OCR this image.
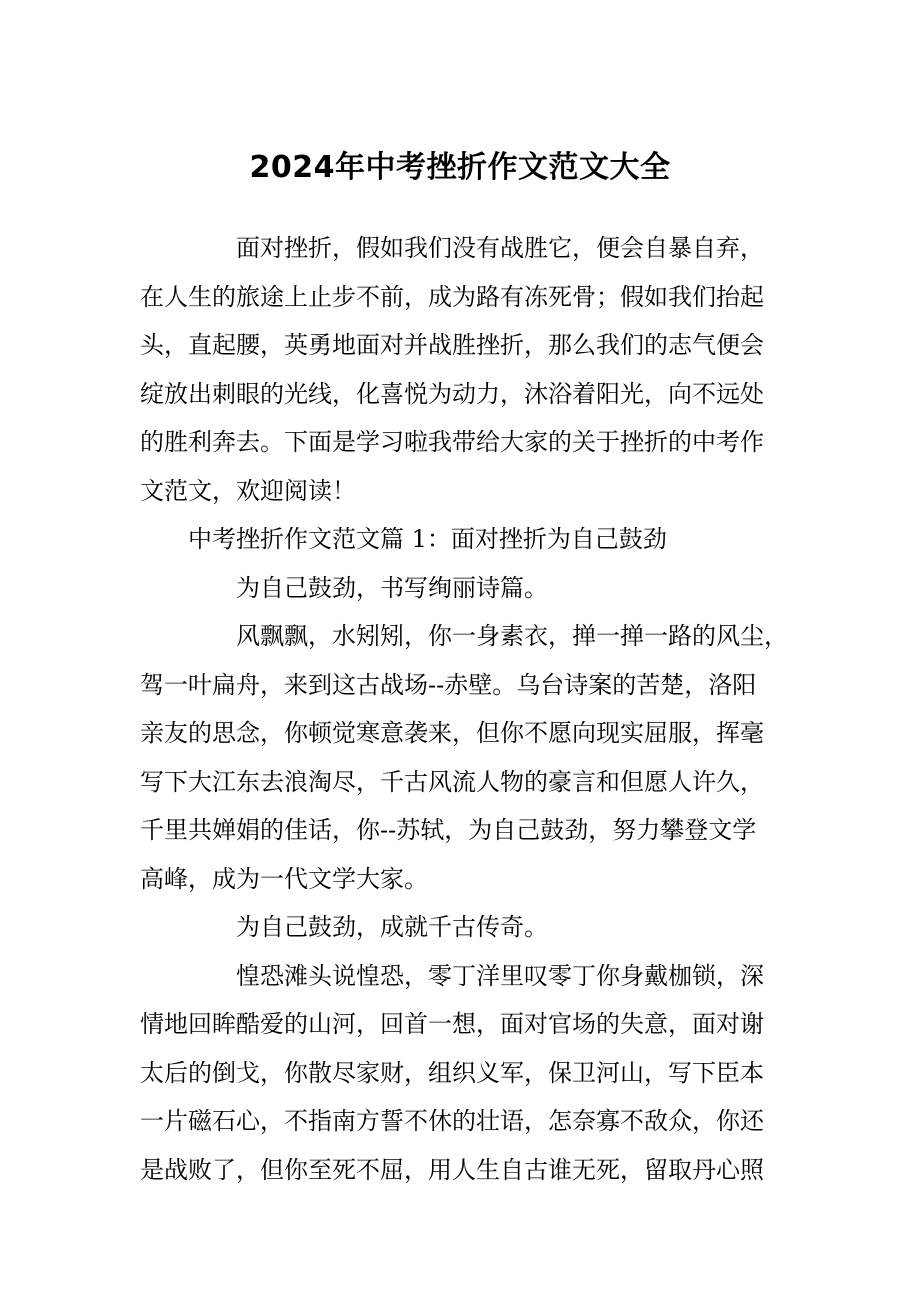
2024年中考挫折作文范文大全
面对挫折，假如我们没有战胜它，便会自暴自弃，
在人生的旅途上止步不前，成为路有冻死骨；假如我们抬起
头，直起腰，英勇地面对并战胜挫折，那么我们的志气便会
绽放出刺眼的光线，化喜悦为动力，沐浴着阳光，向不远处
的胜利奔去。下面是学习啦我带给大家的关于挫折的中考作
文范文，欢迎阅读！
中考挫折作文范文篇 1：面对挫折为自己鼓劲
为自己鼓劲，书写绚丽诗篇。
风飘飘，水矧矧，你一身素衣，掸一掸一路的风尘，
驾一叶扁舟，来到这古战场--赤壁。乌台诗案的苦楚，洛阳
亲友的思念，你顿觉寒意袭来，但你不愿向现实屈服，挥毫
写下大江东去浪淘尽，千古风流人物的豪言和但愿人许久，
千里共婵娟的佳话，你--苏轼，为自己鼓劲，努力攀登文学
高峰，成为一代文学大家。
为自己鼓劲，成就千古传奇。
惶恐滩头说惶恐，零丁洋里叹零丁你身戴枷锁，深
情地回眸酷爱的山河，回首一想，面对官场的失意，面对谢
太后的倒戈，你散尽家财，组织义军，保卫河山，写下臣本
一片磁石心，不指南方誓不休的壮语，怎奈寡不敌众，你还
是战败了，但你至死不屈，用人生自古谁无死，留取丹心照
